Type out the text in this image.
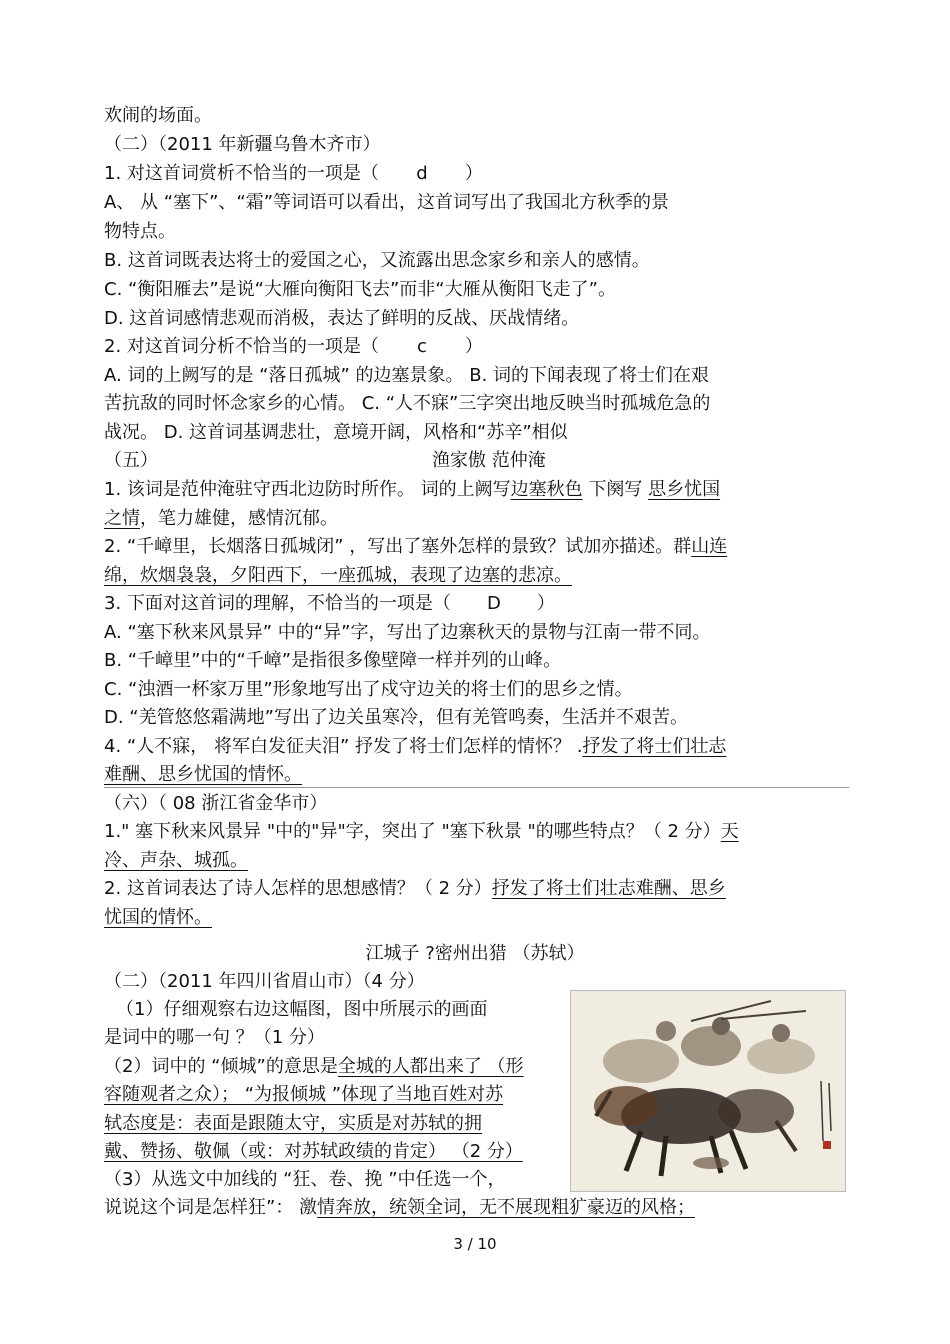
欢闹的场面。
（二）（2011 年新疆乌鲁木齐市）
1. 对这首词赏析不恰当的一项是（ d ）
A、 从 “塞下”、“霜”等词语可以看出，这首词写出了我国北方秋季的景
物特点。
B. 这首词既表达将士的爱国之心，又流露出思念家乡和亲人的感情。
C. “衡阳雁去”是说“大雁向衡阳飞去”而非“大雁从衡阳飞走了”。
D. 这首词感情悲观而消极，表达了鲜明的反战、厌战情绪。
2. 对这首词分析不恰当的一项是（ c ）
A. 词的上阙写的是 “落日孤城” 的边塞景象。 B. 词的下闻表现了将士们在艰
苦抗敌的同时怀念家乡的心情。 C. “人不寐”三字突出地反映当时孤城危急的
战况。 D. 这首词基调悲壮，意境开阔，风格和“苏辛”相似
（五）	渔家傲 范仲淹
1. 该词是范仲淹驻守西北边防时所作。 词的上阙写边塞秋色 下阕写 思乡忧国
之情，笔力雄健，感情沉郁。
2. “千嶂里，长烟落日孤城闭” ，写出了塞外怎样的景致？试加亦描述。群山连
绵，炊烟袅袅，夕阳西下，一座孤城，表现了边塞的悲凉。
3. 下面对这首词的理解，不恰当的一项是（ D ）
A. “塞下秋来风景异” 中的“异”字，写出了边寨秋天的景物与江南一带不同。
B. “千嶂里”中的“千嶂”是指很多像壁障一样并列的山峰。
C. “浊酒一杯家万里”形象地写出了戍守边关的将士们的思乡之情。
D. “羌管悠悠霜满地”写出了边关虽寒冷，但有羌管鸣奏，生活并不艰苦。
4. “人不寐， 将军白发征夫泪” 抒发了将士们怎样的情怀？ .抒发了将士们壮志
难酬、思乡忧国的情怀。
（六）（ 08 浙江省金华市）
1." 塞下秋来风景异 "中的"异"字，突出了 "塞下秋景 "的哪些特点？（ 2 分）天
冷、声杂、城孤。
2. 这首词表达了诗人怎样的思想感情？（ 2 分）抒发了将士们壮志难酬、思乡
忧国的情怀。
江城子 ?密州出猎 （苏轼）
（二）（2011 年四川省眉山市）（4 分）
（1）仔细观察右边这幅图，图中所展示的画面
是词中的哪一句 ？（1 分）
（2）词中的 “倾城”的意思是全城的人都出来了 （形
容随观者之众）； “为报倾城 ”体现了当地百姓对苏
轼态度是：表面是跟随太守，实质是对苏轼的拥
戴、赞扬、敬佩（或：对苏轼政绩的肯定） （2 分）
（3）从选文中加线的 “狂、卷、挽 ”中任选一个，
说说这个词是怎样狂”： 激情奔放，统领全词，无不展现粗犷豪迈的风格；
3 / 10
